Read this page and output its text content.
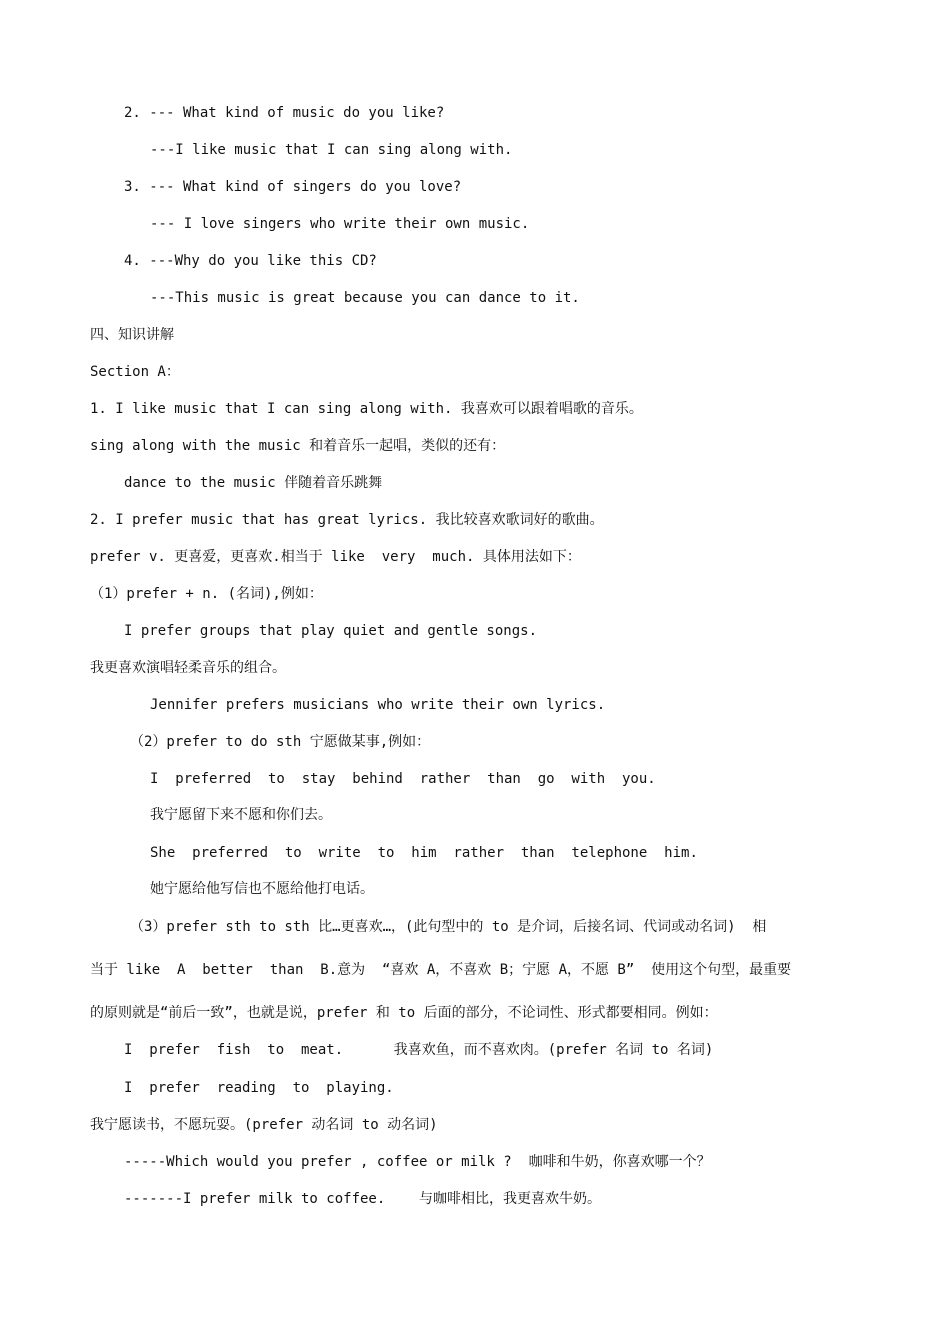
2. --- What kind of music do you like?
---I like music that I can sing along with.
3. --- What kind of singers do you love?
--- I love singers who write their own music.
4. ---Why do you like this CD?
---This music is great because you can dance to it.
四、知识讲解
Section A：
1. I like music that I can sing along with. 我喜欢可以跟着唱歌的音乐。
sing along with the music 和着音乐一起唱，类似的还有：
dance to the music 伴随着音乐跳舞
2. I prefer music that has great lyrics. 我比较喜欢歌词好的歌曲。
prefer v. 更喜爱，更喜欢.相当于 like  very  much. 具体用法如下：
（1）prefer + n. (名词),例如：
I prefer groups that play quiet and gentle songs.
我更喜欢演唱轻柔音乐的组合。
Jennifer prefers musicians who write their own lyrics.
（2）prefer to do sth 宁愿做某事,例如：
I  preferred  to  stay  behind  rather  than  go  with  you.
我宁愿留下来不愿和你们去。
She  preferred  to  write  to  him  rather  than  telephone  him.
她宁愿给他写信也不愿给他打电话。
（3）prefer sth to sth 比…更喜欢…，(此句型中的 to 是介词，后接名词、代词或动名词)  相
当于 like  A  better  than  B.意为  “喜欢 A，不喜欢 B；宁愿 A，不愿 B”  使用这个句型，最重要
的原则就是“前后一致”，也就是说，prefer 和 to 后面的部分，不论词性、形式都要相同。例如：
I  prefer  fish  to  meat.      我喜欢鱼，而不喜欢肉。(prefer 名词 to 名词)
I  prefer  reading  to  playing.
我宁愿读书，不愿玩耍。(prefer 动名词 to 动名词)
-----Which would you prefer , coffee or milk ?  咖啡和牛奶，你喜欢哪一个？
-------I prefer milk to coffee.    与咖啡相比，我更喜欢牛奶。
